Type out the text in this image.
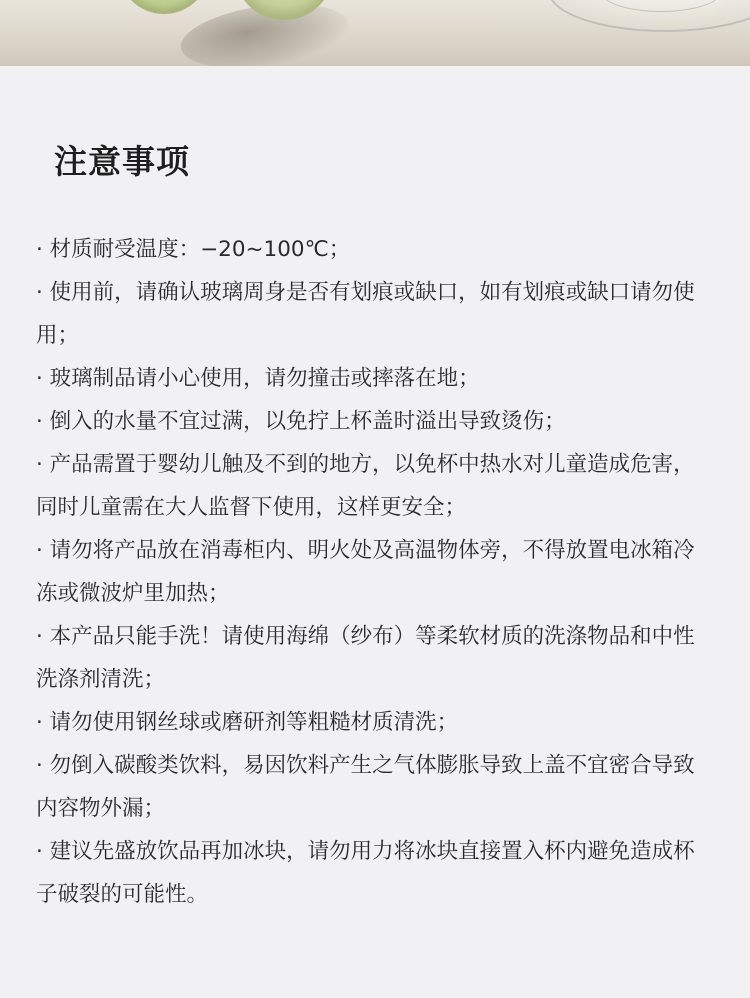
注意事项
· 材质耐受温度：−20~100℃；
· 使用前，请确认玻璃周身是否有划痕或缺口，如有划痕或缺口请勿使用；
· 玻璃制品请小心使用，请勿撞击或摔落在地；
· 倒入的水量不宜过满，以免拧上杯盖时溢出导致烫伤；
· 产品需置于婴幼儿触及不到的地方，以免杯中热水对儿童造成危害，同时儿童需在大人监督下使用，这样更安全；
· 请勿将产品放在消毒柜内、明火处及高温物体旁，不得放置电冰箱冷冻或微波炉里加热；
· 本产品只能手洗！请使用海绵（纱布）等柔软材质的洗涤物品和中性洗涤剂清洗；
· 请勿使用钢丝球或磨研剂等粗糙材质清洗；
· 勿倒入碳酸类饮料，易因饮料产生之气体膨胀导致上盖不宜密合导致内容物外漏；
· 建议先盛放饮品再加冰块，请勿用力将冰块直接置入杯内避免造成杯子破裂的可能性。
